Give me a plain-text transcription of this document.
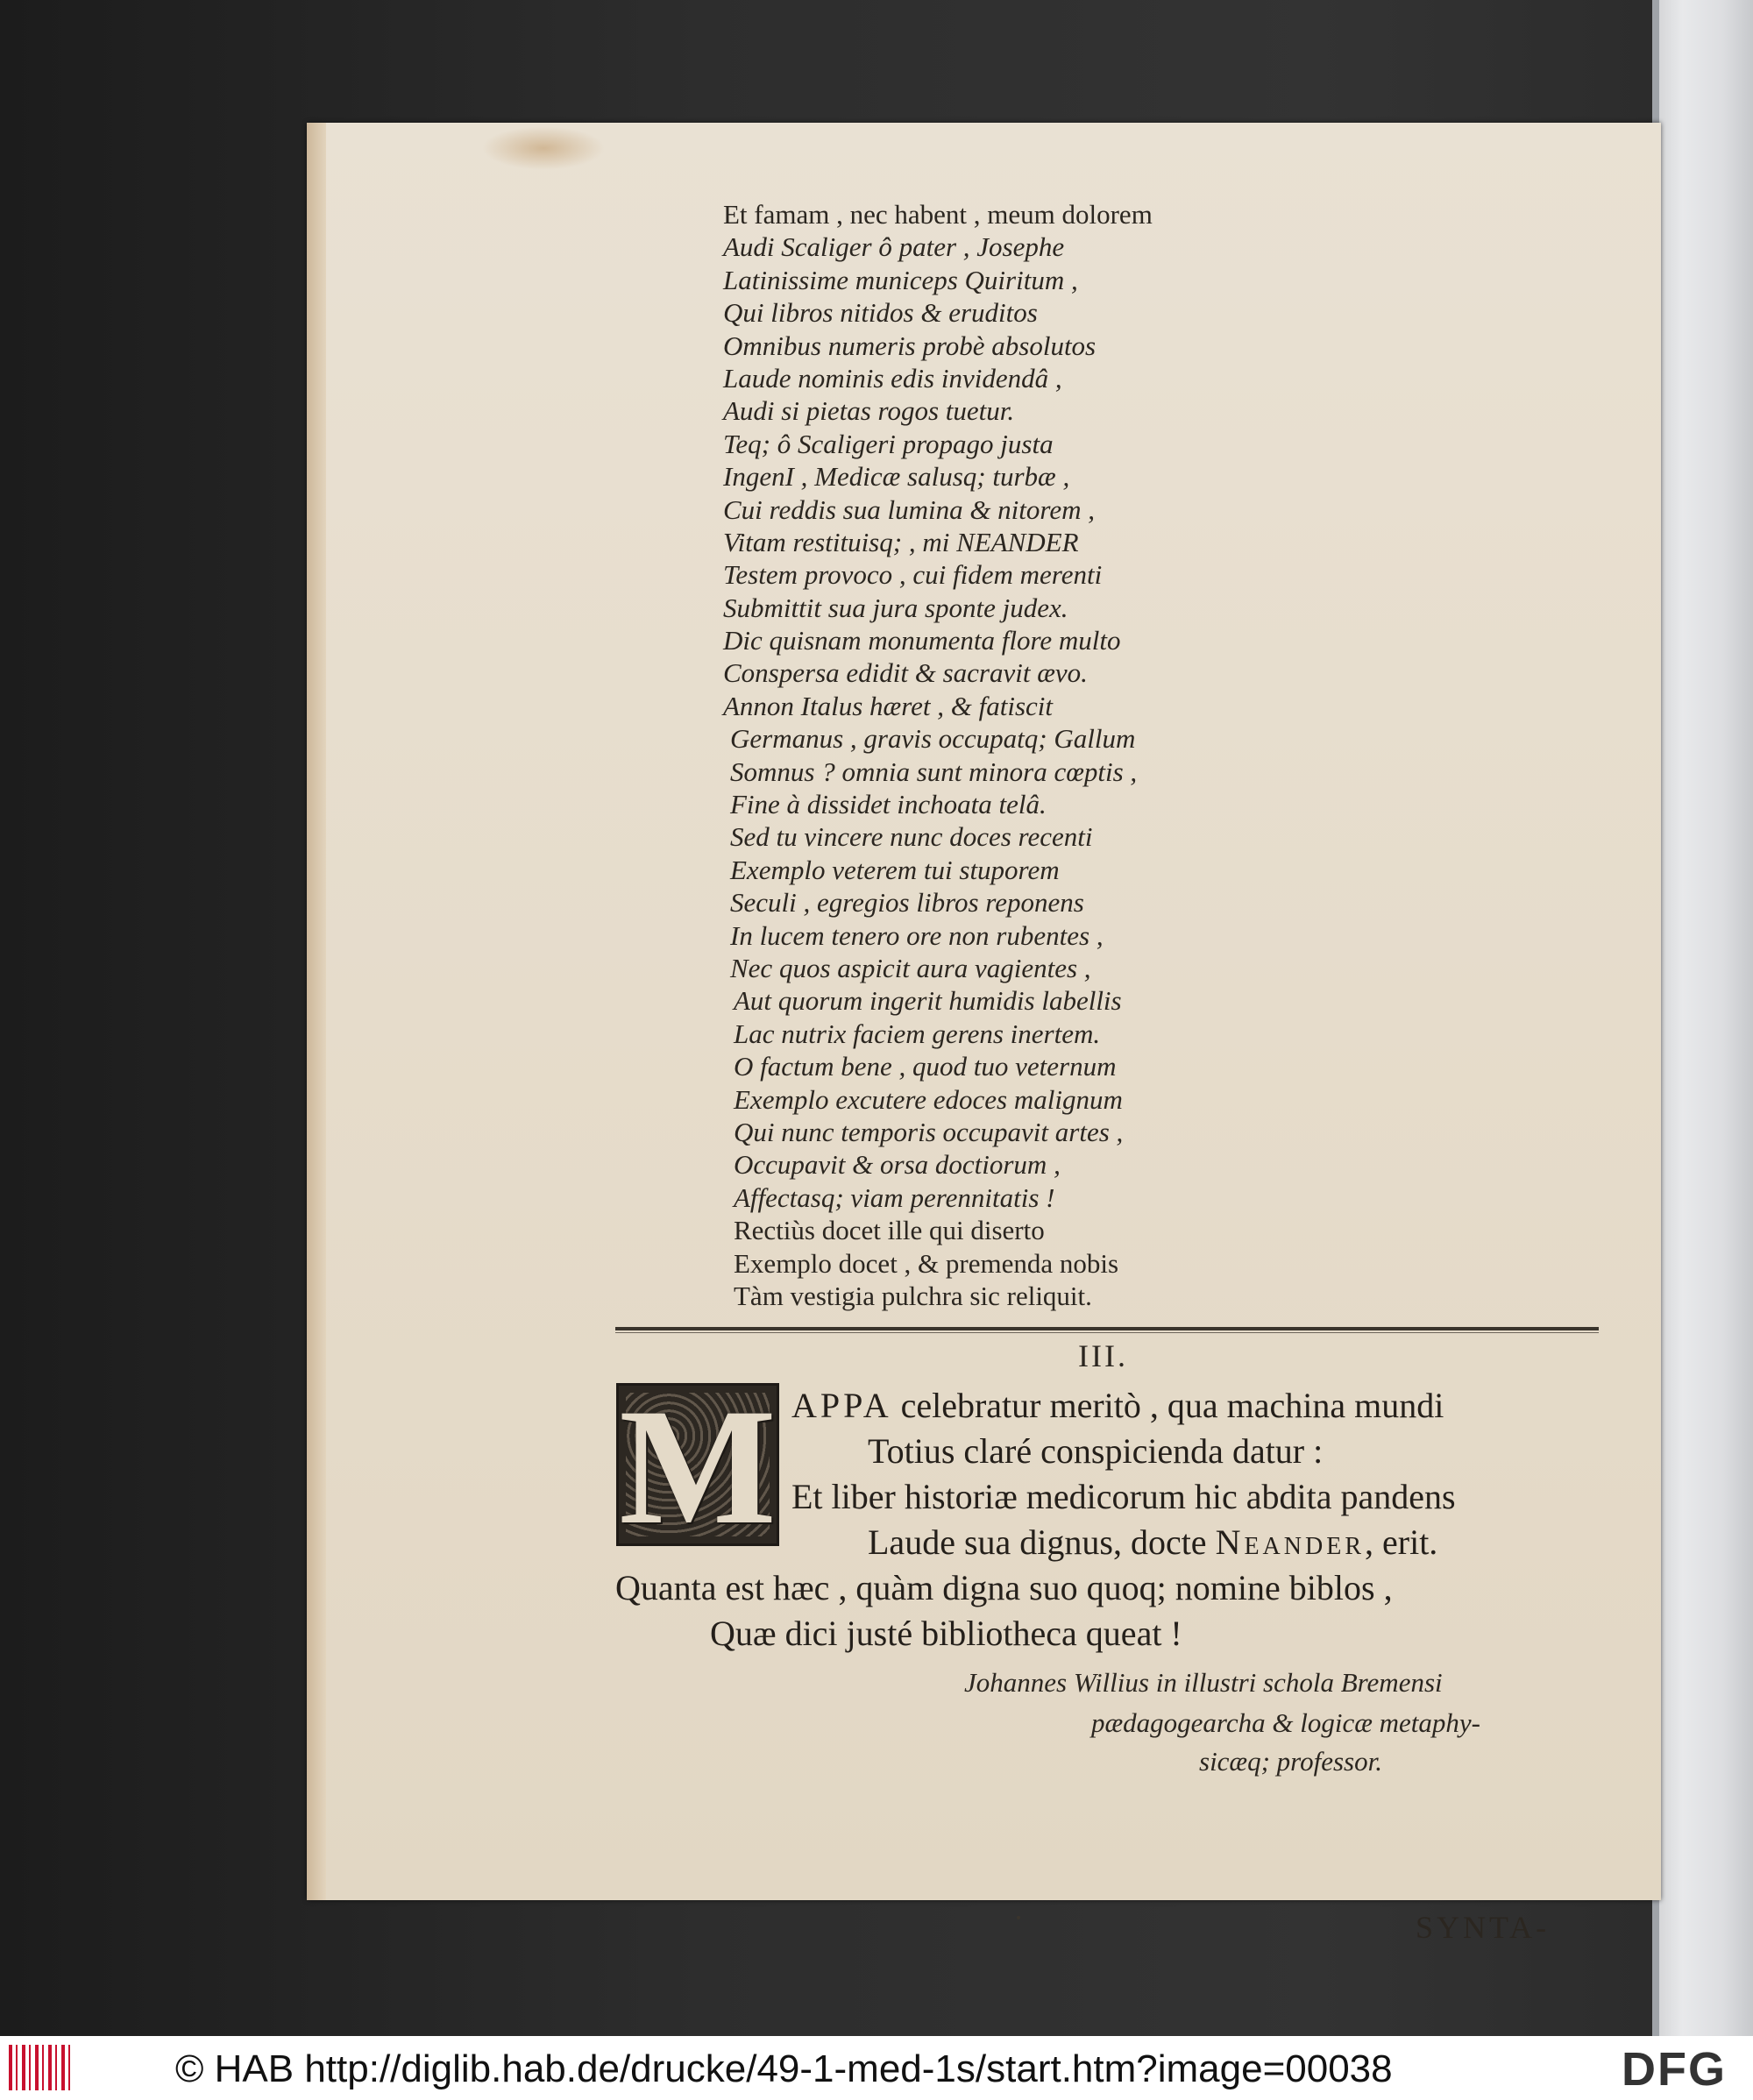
Et famam , nec habent , meum dolorem
Audi Scaliger ô pater , Josephe
Latinissime municeps Quiritum ,
Qui libros nitidos & eruditos
Omnibus numeris probè absolutos
Laude nominis edis invidendâ ,
Audi si pietas rogos tuetur.
Teq; ô Scaligeri propago justa
IngenI , Medicæ salusq; turbæ ,
Cui reddis sua lumina & nitorem ,
Vitam restituisq; , mi NEANDER
Testem provoco , cui fidem merenti
Submittit sua jura sponte judex.
Dic quisnam monumenta flore multo
Conspersa edidit & sacravit ævo.
Annon Italus hæret , & fatiscit
Germanus , gravis occupatq; Gallum
Somnus ? omnia sunt minora cœptis ,
Fine à dissidet inchoata telâ.
Sed tu vincere nunc doces recenti
Exemplo veterem tui stuporem
Seculi , egregios libros reponens
In lucem tenero ore non rubentes ,
Nec quos aspicit aura vagientes ,
Aut quorum ingerit humidis labellis
Lac nutrix faciem gerens inertem.
O factum bene , quod tuo veternum
Exemplo excutere edoces malignum
Qui nunc temporis occupavit artes ,
Occupavit & orsa doctiorum ,
Affectasq; viam perennitatis !
Rectiùs docet ille qui diserto
Exemplo docet , & premenda nobis
Tàm vestigia pulchra sic reliquit.
III.
M APPA celebratur meritò , qua machina mundi
Totius claré conspicienda datur :
Et liber historiæ medicorum hic abdita pandens
Laude sua dignus, docte Neander, erit.
Quanta est hæc , quàm digna suo quoq; nomine biblos ,
Quæ dici justé bibliotheca queat !
Johannes Willius in illustri schola Bremensi
pædagogearcha & logicæ metaphy-
sicæq; professor.
SYNTA-
© HAB http://diglib.hab.de/drucke/49-1-med-1s/start.htm?image=00038	DFG
